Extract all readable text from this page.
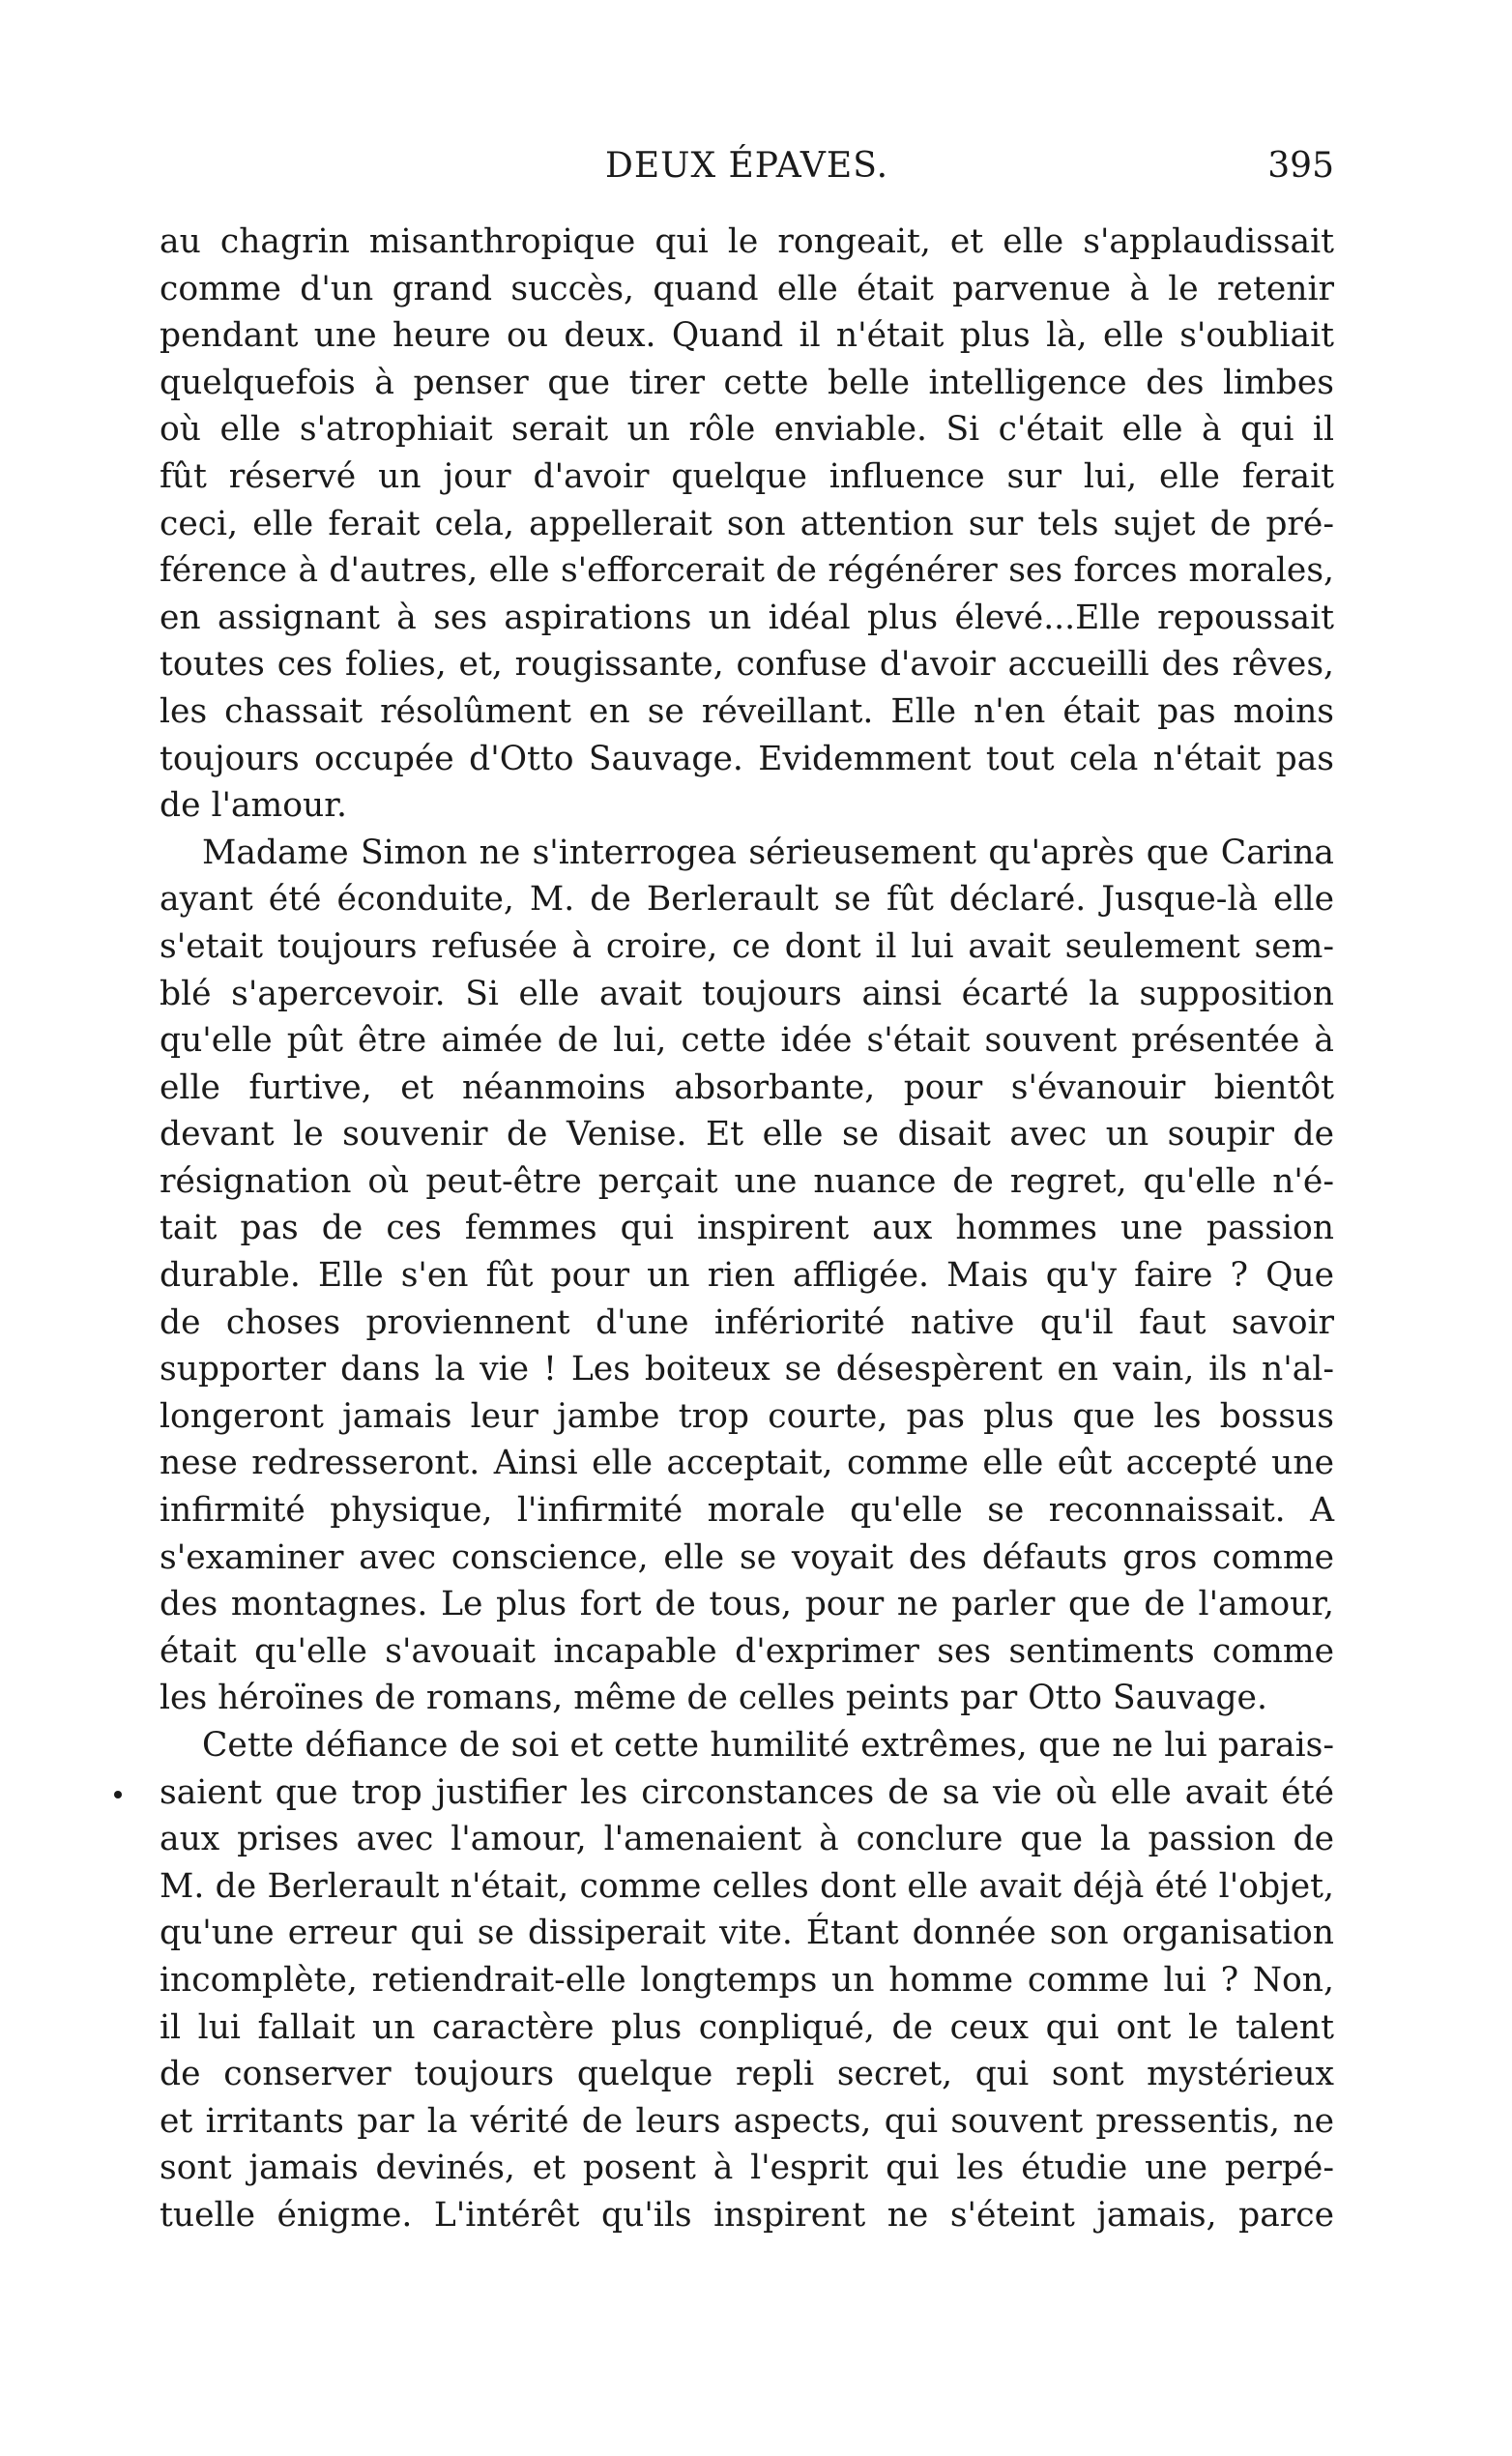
DEUX ÉPAVES.	395
au chagrin misanthropique qui le rongeait, et elle s'applaudissait
comme d'un grand succès, quand elle était parvenue à le retenir
pendant une heure ou deux. Quand il n'était plus là, elle s'oubliait
quelquefois à penser que tirer cette belle intelligence des limbes
où elle s'atrophiait serait un rôle enviable. Si c'était elle à qui il
fût réservé un jour d'avoir quelque influence sur lui, elle ferait
ceci, elle ferait cela, appellerait son attention sur tels sujet de pré-
férence à d'autres, elle s'efforcerait de régénérer ses forces morales,
en assignant à ses aspirations un idéal plus élevé...Elle repoussait
toutes ces folies, et, rougissante, confuse d'avoir accueilli des rêves,
les chassait résolûment en se réveillant. Elle n'en était pas moins
toujours occupée d'Otto Sauvage. Evidemment tout cela n'était pas
de l'amour.
Madame Simon ne s'interrogea sérieusement qu'après que Carina
ayant été éconduite, M. de Berlerault se fût déclaré. Jusque-là elle
s'etait toujours refusée à croire, ce dont il lui avait seulement sem-
blé s'apercevoir. Si elle avait toujours ainsi écarté la supposition
qu'elle pût être aimée de lui, cette idée s'était souvent présentée à
elle furtive, et néanmoins absorbante, pour s'évanouir bientôt
devant le souvenir de Venise. Et elle se disait avec un soupir de
résignation où peut-être perçait une nuance de regret, qu'elle n'é-
tait pas de ces femmes qui inspirent aux hommes une passion
durable. Elle s'en fût pour un rien affligée. Mais qu'y faire ? Que
de choses proviennent d'une infériorité native qu'il faut savoir
supporter dans la vie ! Les boiteux se désespèrent en vain, ils n'al-
longeront jamais leur jambe trop courte, pas plus que les bossus
nese redresseront. Ainsi elle acceptait, comme elle eût accepté une
infirmité physique, l'infirmité morale qu'elle se reconnaissait. A
s'examiner avec conscience, elle se voyait des défauts gros comme
des montagnes. Le plus fort de tous, pour ne parler que de l'amour,
était qu'elle s'avouait incapable d'exprimer ses sentiments comme
les héroïnes de romans, même de celles peints par Otto Sauvage.
Cette défiance de soi et cette humilité extrêmes, que ne lui parais-
saient que trop justifier les circonstances de sa vie où elle avait été
aux prises avec l'amour, l'amenaient à conclure que la passion de
M. de Berlerault n'était, comme celles dont elle avait déjà été l'objet,
qu'une erreur qui se dissiperait vite. Étant donnée son organisation
incomplète, retiendrait-elle longtemps un homme comme lui ? Non,
il lui fallait un caractère plus conpliqué, de ceux qui ont le talent
de conserver toujours quelque repli secret, qui sont mystérieux
et irritants par la vérité de leurs aspects, qui souvent pressentis, ne
sont jamais devinés, et posent à l'esprit qui les étudie une perpé-
tuelle énigme. L'intérêt qu'ils inspirent ne s'éteint jamais, parce
